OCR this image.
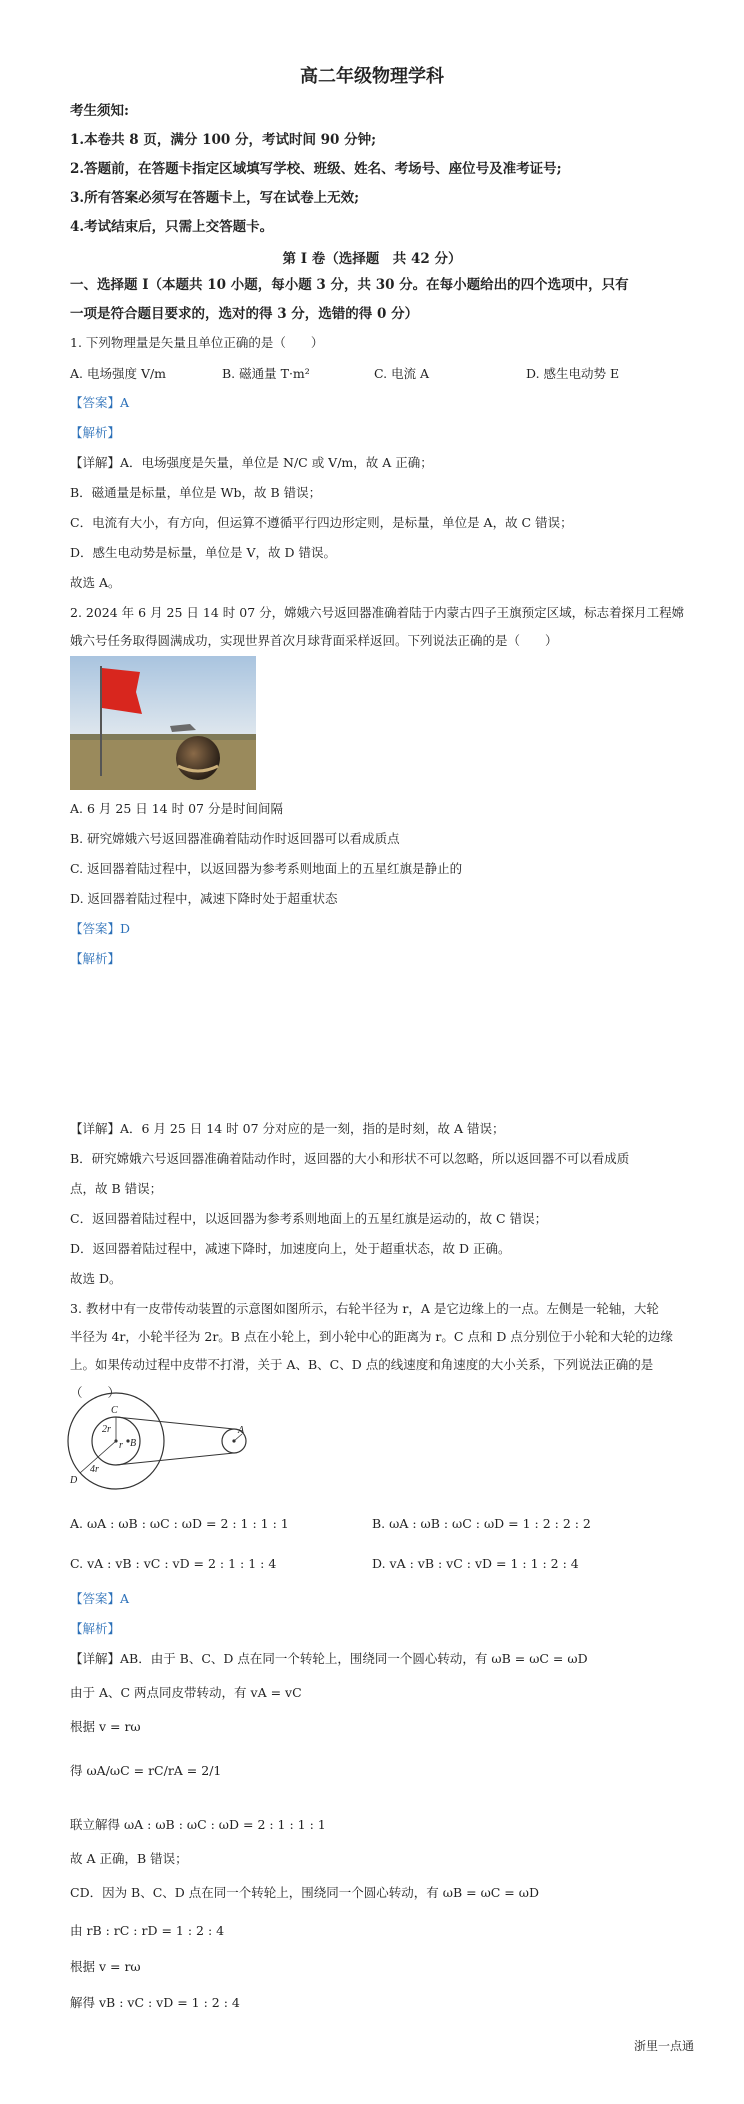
高二年级物理学科
考生须知:
1.本卷共 8 页，满分 100 分，考试时间 90 分钟;
2.答题前，在答题卡指定区域填写学校、班级、姓名、考场号、座位号及准考证号;
3.所有答案必须写在答题卡上，写在试卷上无效;
4.考试结束后，只需上交答题卡。
第 I 卷（选择题　共 42 分）
一、选择题 I（本题共 10 小题，每小题 3 分，共 30 分。在每小题给出的四个选项中，只有
一项是符合题目要求的，选对的得 3 分，选错的得 0 分）
1. 下列物理量是矢量且单位正确的是（　　）
A. 电场强度 V/m	B. 磁通量 T·m²	C. 电流 A	D. 感生电动势 E
【答案】A
【解析】
【详解】A．电场强度是矢量，单位是 N/C 或 V/m，故 A 正确；
B．磁通量是标量，单位是 Wb，故 B 错误；
C．电流有大小，有方向，但运算不遵循平行四边形定则，是标量，单位是 A，故 C 错误；
D．感生电动势是标量，单位是 V，故 D 错误。
故选 A。
2. 2024 年 6 月 25 日 14 时 07 分，嫦娥六号返回器准确着陆于内蒙古四子王旗预定区域，标志着探月工程嫦
娥六号任务取得圆满成功，实现世界首次月球背面采样返回。下列说法正确的是（　　）
A. 6 月 25 日 14 时 07 分是时间间隔
B. 研究嫦娥六号返回器准确着陆动作时返回器可以看成质点
C. 返回器着陆过程中，以返回器为参考系则地面上的五星红旗是静止的
D. 返回器着陆过程中，减速下降时处于超重状态
【答案】D
【解析】
【详解】A．6 月 25 日 14 时 07 分对应的是一刻，指的是时刻，故 A 错误；
B．研究嫦娥六号返回器准确着陆动作时，返回器的大小和形状不可以忽略，所以返回器不可以看成质
点，故 B 错误；
C．返回器着陆过程中，以返回器为参考系则地面上的五星红旗是运动的，故 C 错误；
D．返回器着陆过程中，减速下降时，加速度向上，处于超重状态，故 D 正确。
故选 D。
3. 教材中有一皮带传动装置的示意图如图所示，右轮半径为 r，A 是它边缘上的一点。左侧是一轮轴，大轮
半径为 4r，小轮半径为 2r。B 点在小轮上，到小轮中心的距离为 r。C 点和 D 点分别位于小轮和大轮的边缘
上。如果传动过程中皮带不打滑，关于 A、B、C、D 点的线速度和角速度的大小关系，下列说法正确的是
（　　）
C
2r
r B
A
D
4r
A. ωA : ωB : ωC : ωD = 2 : 1 : 1 : 1	B. ωA : ωB : ωC : ωD = 1 : 2 : 2 : 2
C. vA : vB : vC : vD = 2 : 1 : 1 : 4	D. vA : vB : vC : vD = 1 : 1 : 2 : 4
【答案】A
【解析】
【详解】AB．由于 B、C、D 点在同一个转轮上，围绕同一个圆心转动，有 ωB = ωC = ωD
由于 A、C 两点同皮带转动，有 vA = vC
根据 v = rω
得 ωA/ωC = rC/rA = 2/1
联立解得 ωA : ωB : ωC : ωD = 2 : 1 : 1 : 1
故 A 正确，B 错误；
CD．因为 B、C、D 点在同一个转轮上，围绕同一个圆心转动，有 ωB = ωC = ωD
由 rB : rC : rD = 1 : 2 : 4
根据 v = rω
解得 vB : vC : vD = 1 : 2 : 4
浙里一点通
